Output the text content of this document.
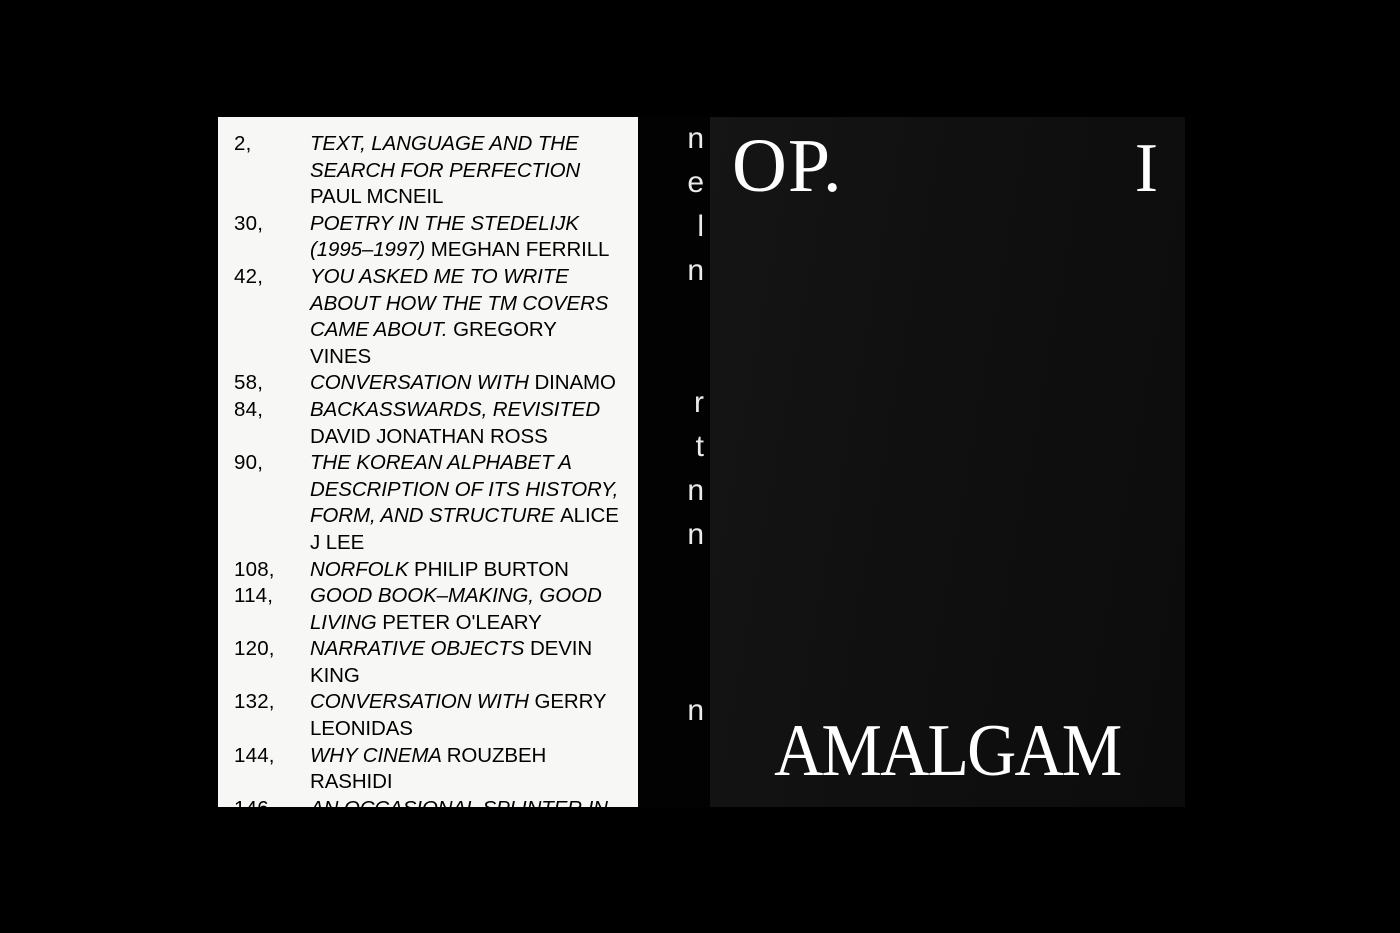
2,	TEXT, LANGUAGE AND THE SEARCH FOR PERFECTION PAUL MCNEIL
30,	POETRY IN THE STEDELIJK (1995–1997) MEGHAN FERRILL
42,	YOU ASKED ME TO WRITE ABOUT HOW THE TM COVERS CAME ABOUT. GREGORY VINES
58,	CONVERSATION WITH DINAMO
84,	BACKASSWARDS, REVISITED DAVID JONATHAN ROSS
90,	THE KOREAN ALPHABET A DESCRIPTION OF ITS HISTORY, FORM, AND STRUCTURE ALICE J LEE
108,	NORFOLK PHILIP BURTON
114,	GOOD BOOK–MAKING, GOOD LIVING PETER O'LEARY
120,	NARRATIVE OBJECTS DEVIN KING
132,	CONVERSATION WITH GERRY LEONIDAS
144,	WHY CINEMA ROUZBEH RASHIDI
146,	AN OCCASIONAL SPLINTER IN THE FINGER: A DIARY OF A GROWING ORGANISM ALEXANDRU BALGIU
n
e
l
n
r
t
n
n
n
OP.	I
AMALGAM
